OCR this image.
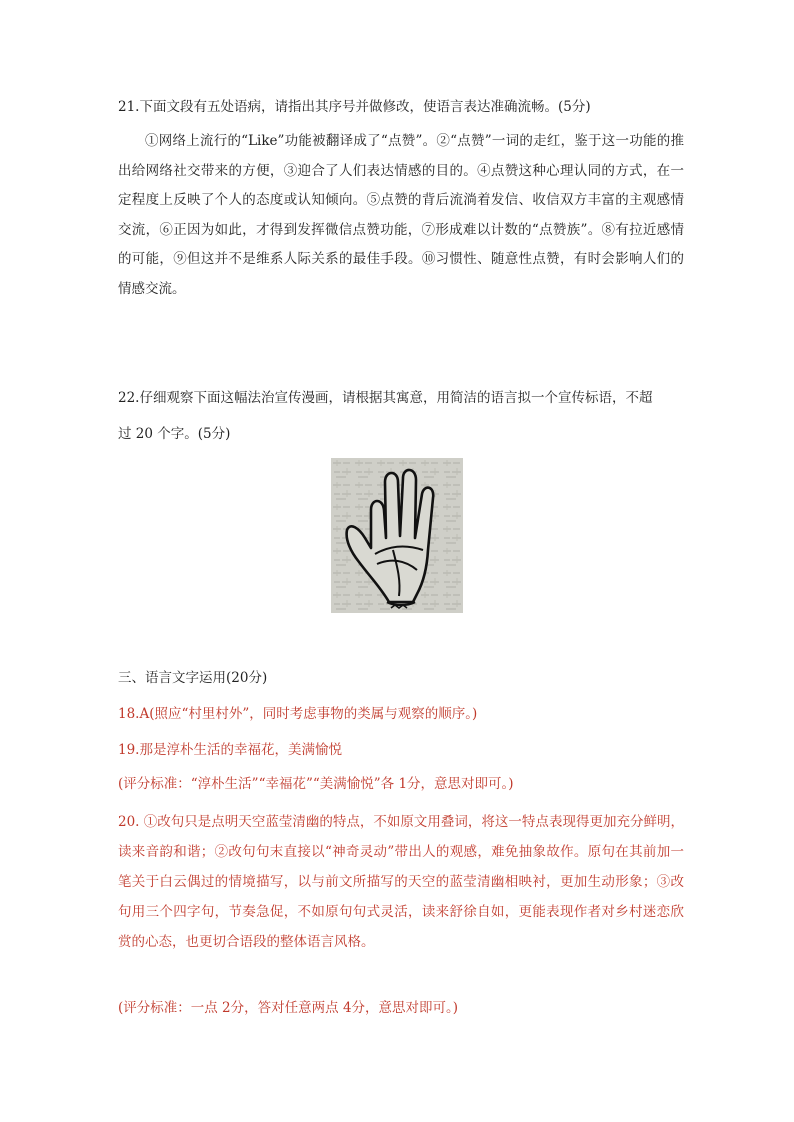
21.下面文段有五处语病，请指出其序号并做修改，使语言表达准确流畅。(5分)
①网络上流行的“Like”功能被翻译成了“点赞”。②“点赞”一词的走红，鉴于这一功能的推出给网络社交带来的方便，③迎合了人们表达情感的目的。④点赞这种心理认同的方式，在一定程度上反映了个人的态度或认知倾向。⑤点赞的背后流淌着发信、收信双方丰富的主观感情交流，⑥正因为如此，才得到发挥微信点赞功能，⑦形成难以计数的“点赞族”。⑧有拉近感情的可能，⑨但这并不是维系人际关系的最佳手段。⑩习惯性、随意性点赞，有时会影响人们的情感交流。
22.仔细观察下面这幅法治宣传漫画，请根据其寓意，用简洁的语言拟一个宣传标语，不超
过 20 个字。(5分)
三、语言文字运用(20分)
18.A(照应“村里村外”，同时考虑事物的类属与观察的顺序。)
19.那是淳朴生活的幸福花，美满愉悦
(评分标准：“淳朴生活”“幸福花”“美满愉悦”各 1分，意思对即可。)
20. ①改句只是点明天空蓝莹清幽的特点，不如原文用叠词，将这一特点表现得更加充分鲜明，读来音韵和谐；②改句句末直接以“神奇灵动”带出人的观感，难免抽象故作。原句在其前加一笔关于白云偶过的情境描写，以与前文所描写的天空的蓝莹清幽相映衬，更加生动形象；③改句用三个四字句，节奏急促，不如原句句式灵活，读来舒徐自如，更能表现作者对乡村迷恋欣赏的心态，也更切合语段的整体语言风格。
(评分标准：一点 2分，答对任意两点 4分，意思对即可。)
